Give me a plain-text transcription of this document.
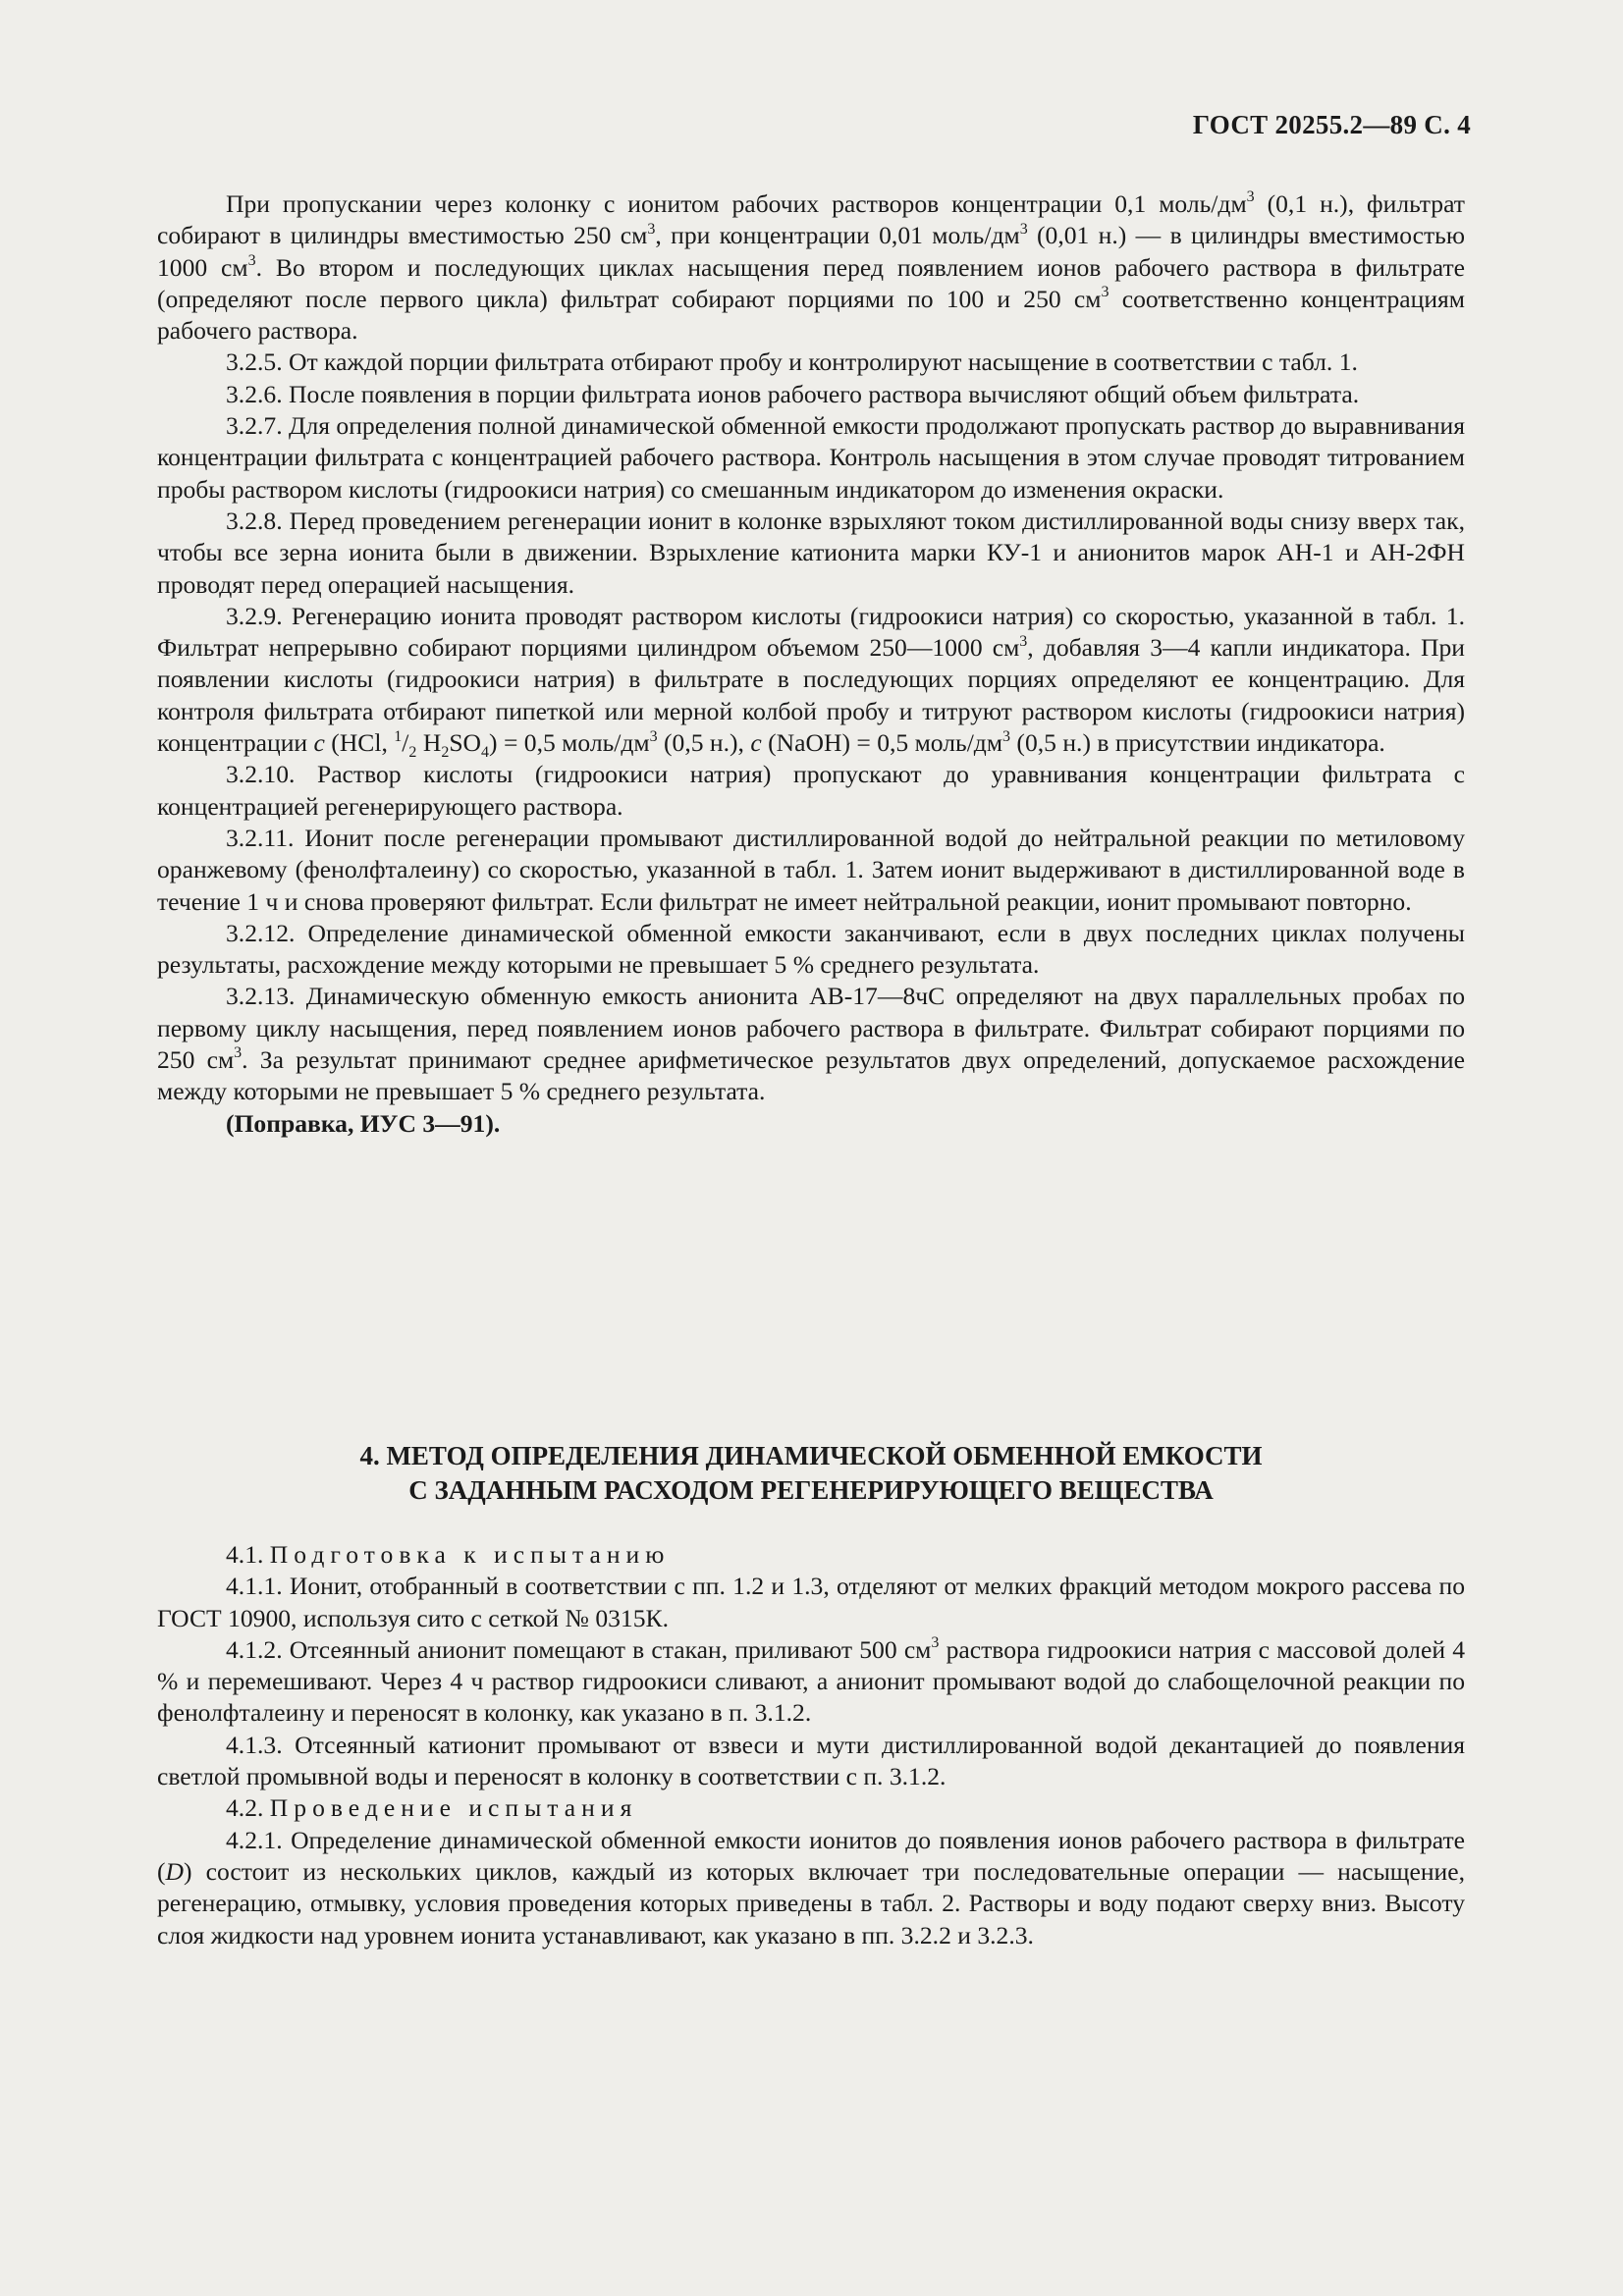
ГОСТ 20255.2—89 С. 4

При пропускании через колонку с ионитом рабочих растворов концентрации 0,1 моль/$дм^3$ (0,1 н.), фильтрат собирают в цилиндры вместимостью 250 $см^3$, при концентрации 0,01 моль/$дм^3$ (0,01 н.) — в цилиндры вместимостью 1000 $см^3$. Во втором и последующих циклах насыщения перед появлением ионов рабочего раствора в фильтрате (определяют после первого цикла) фильтрат собирают порциями по 100 и 250 $см^3$ соответственно концентрациям рабочего раствора.

3.2.5. От каждой порции фильтрата отбирают пробу и контролируют насыщение в соответствии с табл. 1.

3.2.6. После появления в порции фильтрата ионов рабочего раствора вычисляют общий объем фильтрата.

3.2.7. Для определения полной динамической обменной емкости продолжают пропускать раствор до выравнивания концентрации фильтрата с концентрацией рабочего раствора. Контроль насыщения в этом случае проводят титрованием пробы раствором кислоты (гидроокиси натрия) со смешанным индикатором до изменения окраски.

3.2.8. Перед проведением регенерации ионит в колонке взрыхляют током дистиллированной воды снизу вверх так, чтобы все зерна ионита были в движении. Взрыхление катионита марки КУ-1 и анионитов марок АН-1 и АН-2ФН проводят перед операцией насыщения.

3.2.9. Регенерацию ионита проводят раствором кислоты (гидроокиси натрия) со скоростью, указанной в табл. 1. Фильтрат непрерывно собирают порциями цилиндром объемом 250—1000 $см^3$, добавляя 3—4 капли индикатора. При появлении кислоты (гидроокиси натрия) в фильтрате в последующих порциях определяют ее концентрацию. Для контроля фильтрата отбирают пипеткой или мерной колбой пробу и титруют раствором кислоты (гидроокиси натрия) концентрации c (HCl, $^1/_2$ $H_2SO_4) = 0,5$ моль/$дм^3$ (0,5 н.), c (NaOH) = 0,5 моль/$дм^3$ (0,5 н.) в присутствии индикатора.

3.2.10. Раствор кислоты (гидроокиси натрия) пропускают до уравнивания концентрации фильтрата с концентрацией регенерирующего раствора.

3.2.11. Ионит после регенерации промывают дистиллированной водой до нейтральной реакции по метиловому оранжевому (фенолфталеину) со скоростью, указанной в табл. 1. Затем ионит выдерживают в дистиллированной воде в течение 1 ч и снова проверяют фильтрат. Если фильтрат не имеет нейтральной реакции, ионит промывают повторно.

3.2.12. Определение динамической обменной емкости заканчивают, если в двух последних циклах получены результаты, расхождение между которыми не превышает 5 % среднего результата.

3.2.13. Динамическую обменную емкость анионита АВ-17—8чС определяют на двух параллельных пробах по первому циклу насыщения, перед появлением ионов рабочего раствора в фильтрате. Фильтрат собирают порциями по 250 $см^3$. За результат принимают среднее арифметическое результатов двух определений, допускаемое расхождение между которыми не превышает 5 % среднего результата.

(Поправка, ИУС 3—91).

4. МЕТОД ОПРЕДЕЛЕНИЯ ДИНАМИЧЕСКОЙ ОБМЕННОЙ ЕМКОСТИ
С ЗАДАННЫМ РАСХОДОМ РЕГЕНЕРИРУЮЩЕГО ВЕЩЕСТВА

4.1. Подготовка к испытанию

4.1.1. Ионит, отобранный в соответствии с пп. 1.2 и 1.3, отделяют от мелких фракций методом мокрого рассева по ГОСТ 10900, используя сито с сеткой № 0315К.

4.1.2. Отсеянный анионит помещают в стакан, приливают 500 $см^3$ раствора гидроокиси натрия с массовой долей 4 % и перемешивают. Через 4 ч раствор гидроокиси сливают, а анионит промывают водой до слабощелочной реакции по фенолфталеину и переносят в колонку, как указано в п. 3.1.2.

4.1.3. Отсеянный катионит промывают от взвеси и мути дистиллированной водой декантацией до появления светлой промывной воды и переносят в колонку в соответствии с п. 3.1.2.

4.2. Проведение испытания

4.2.1. Определение динамической обменной емкости ионитов до появления ионов рабочего раствора в фильтрате (D) состоит из нескольких циклов, каждый из которых включает три последовательные операции — насыщение, регенерацию, отмывку, условия проведения которых приведены в табл. 2. Растворы и воду подают сверху вниз. Высоту слоя жидкости над уровнем ионита устанавливают, как указано в пп. 3.2.2 и 3.2.3.
